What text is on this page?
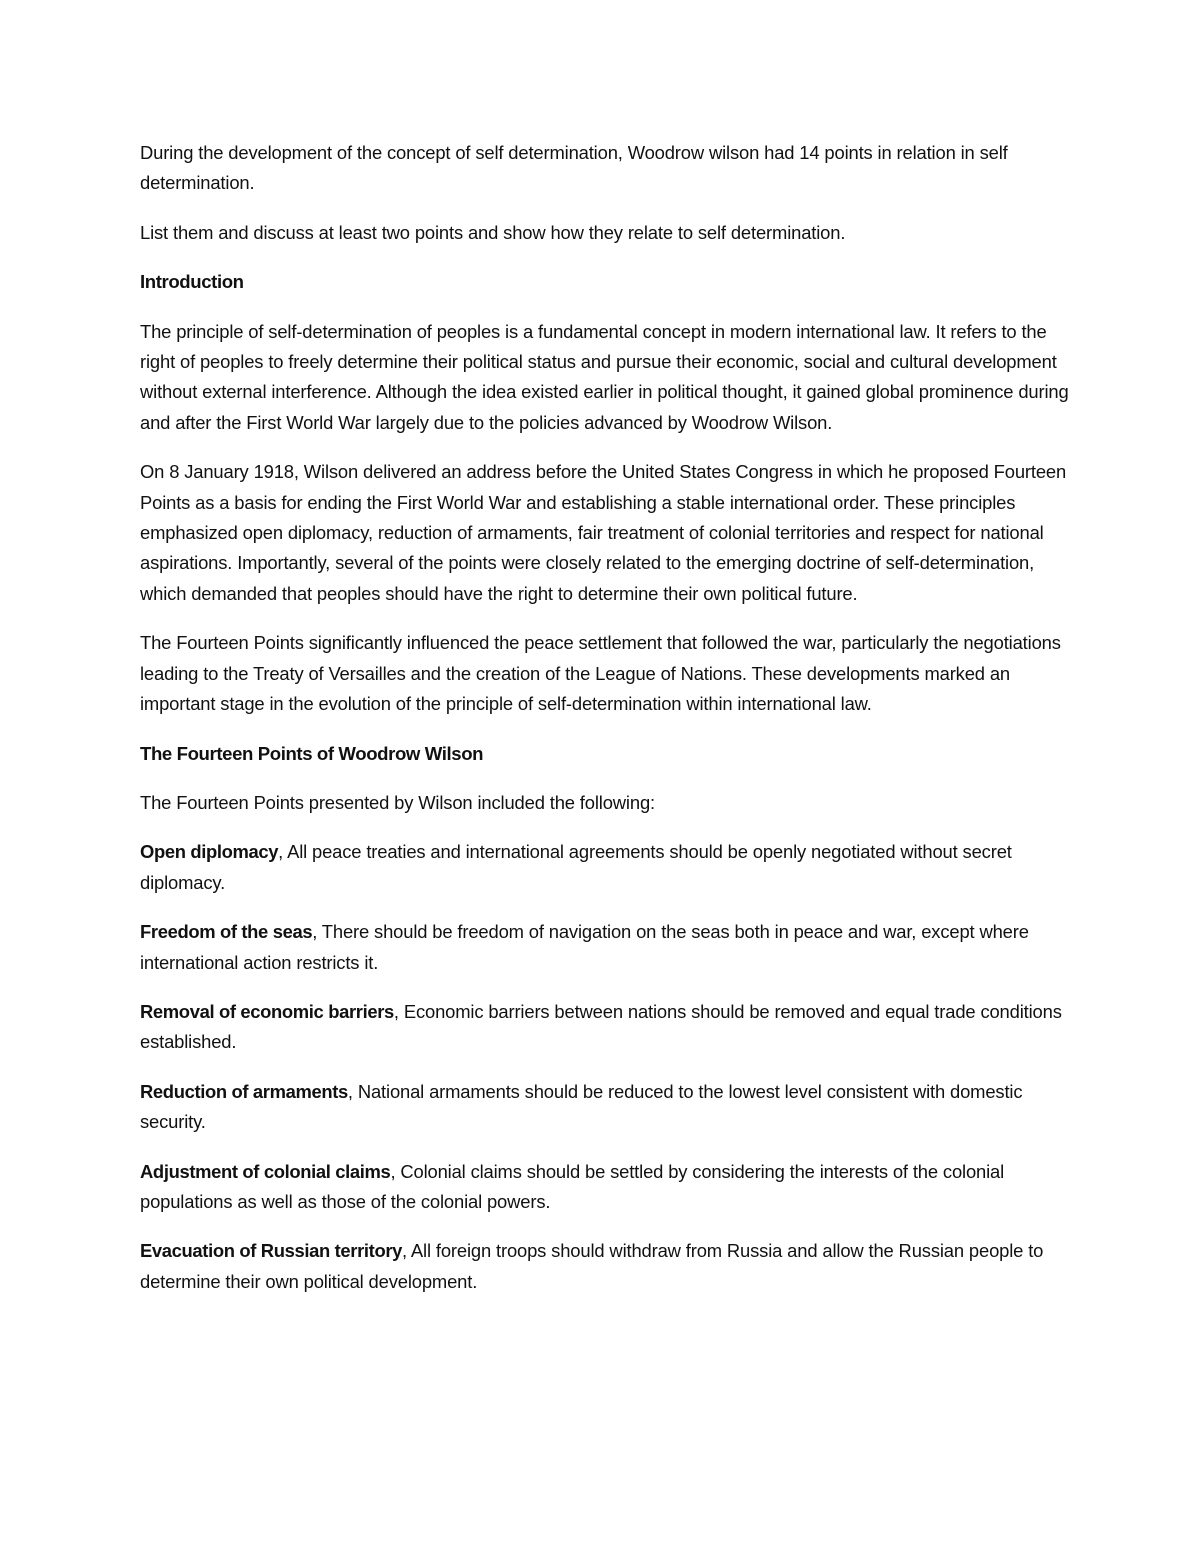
During the development of the concept of self determination, Woodrow wilson had 14 points in relation in self determination.

List them and discuss at least two points and show how they relate to self determination.

Introduction

The principle of self-determination of peoples is a fundamental concept in modern international law. It refers to the right of peoples to freely determine their political status and pursue their economic, social and cultural development without external interference. Although the idea existed earlier in political thought, it gained global prominence during and after the First World War largely due to the policies advanced by Woodrow Wilson.

On 8 January 1918, Wilson delivered an address before the United States Congress in which he proposed Fourteen Points as a basis for ending the First World War and establishing a stable international order. These principles emphasized open diplomacy, reduction of armaments, fair treatment of colonial territories and respect for national aspirations. Importantly, several of the points were closely related to the emerging doctrine of self-determination, which demanded that peoples should have the right to determine their own political future.

The Fourteen Points significantly influenced the peace settlement that followed the war, particularly the negotiations leading to the Treaty of Versailles and the creation of the League of Nations. These developments marked an important stage in the evolution of the principle of self-determination within international law.

The Fourteen Points of Woodrow Wilson

The Fourteen Points presented by Wilson included the following:

Open diplomacy, All peace treaties and international agreements should be openly negotiated without secret diplomacy.

Freedom of the seas, There should be freedom of navigation on the seas both in peace and war, except where international action restricts it.

Removal of economic barriers, Economic barriers between nations should be removed and equal trade conditions established.

Reduction of armaments, National armaments should be reduced to the lowest level consistent with domestic security.

Adjustment of colonial claims, Colonial claims should be settled by considering the interests of the colonial populations as well as those of the colonial powers.

Evacuation of Russian territory, All foreign troops should withdraw from Russia and allow the Russian people to determine their own political development.
